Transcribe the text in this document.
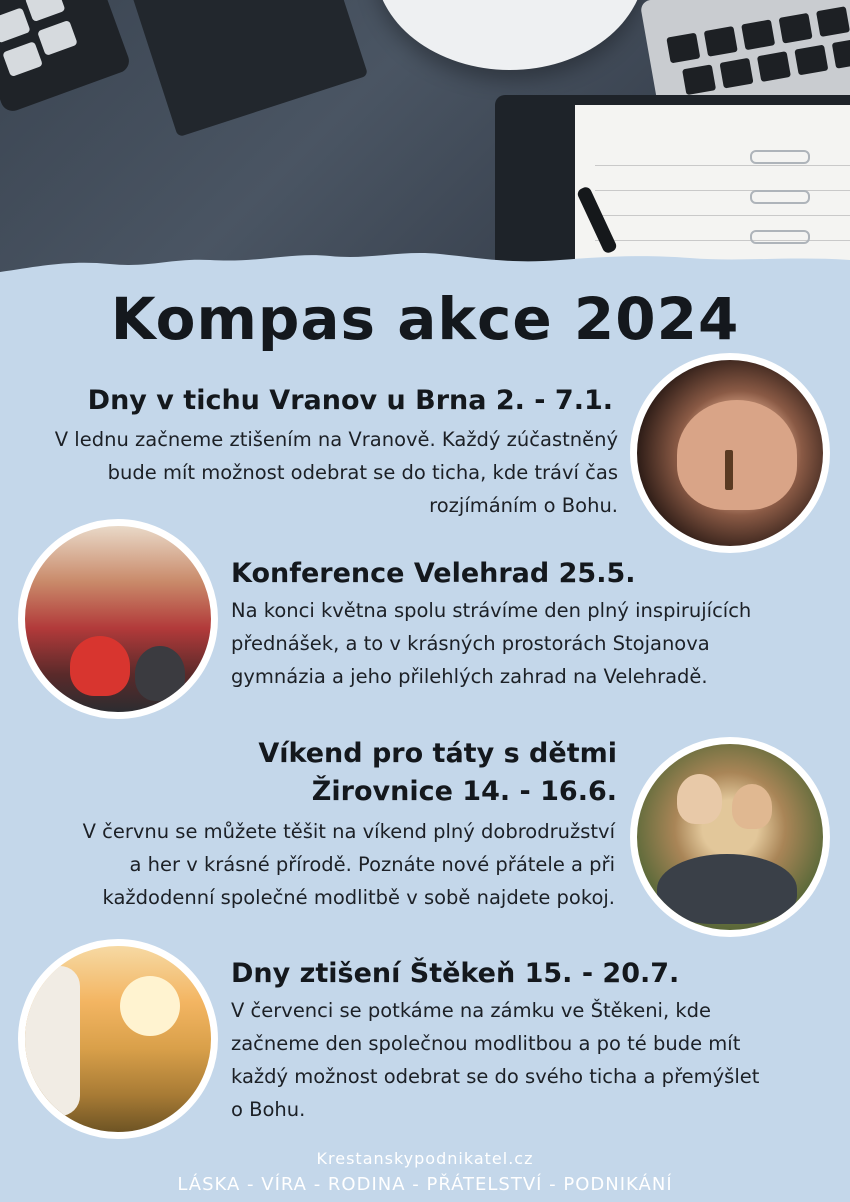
Kompas akce 2024
Dny v tichu Vranov u Brna 2. - 7.1.
V lednu začneme ztišením na Vranově. Každý zúčastněný
bude mít možnost odebrat se do ticha, kde tráví čas
rozjímáním o Bohu.
Konference Velehrad 25.5.
Na konci května spolu strávíme den plný inspirujících
přednášek, a to v krásných prostorách Stojanova
gymnázia a jeho přilehlých zahrad na Velehradě.
Víkend pro táty s dětmi
Žirovnice 14. - 16.6.
V červnu se můžete těšit na víkend plný dobrodružství
a her v krásné přírodě. Poznáte nové přátele a při
každodenní společné modlitbě v sobě najdete pokoj.
Dny ztišení Štěkeň 15. - 20.7.
V červenci se potkáme na zámku ve Štěkeni, kde
začneme den společnou modlitbou a po té bude mít
každý možnost odebrat se do svého ticha a přemýšlet
o Bohu.
Krestanskypodnikatel.cz
LÁSKA - VÍRA - RODINA - PŘÁTELSTVÍ - PODNIKÁNÍ
